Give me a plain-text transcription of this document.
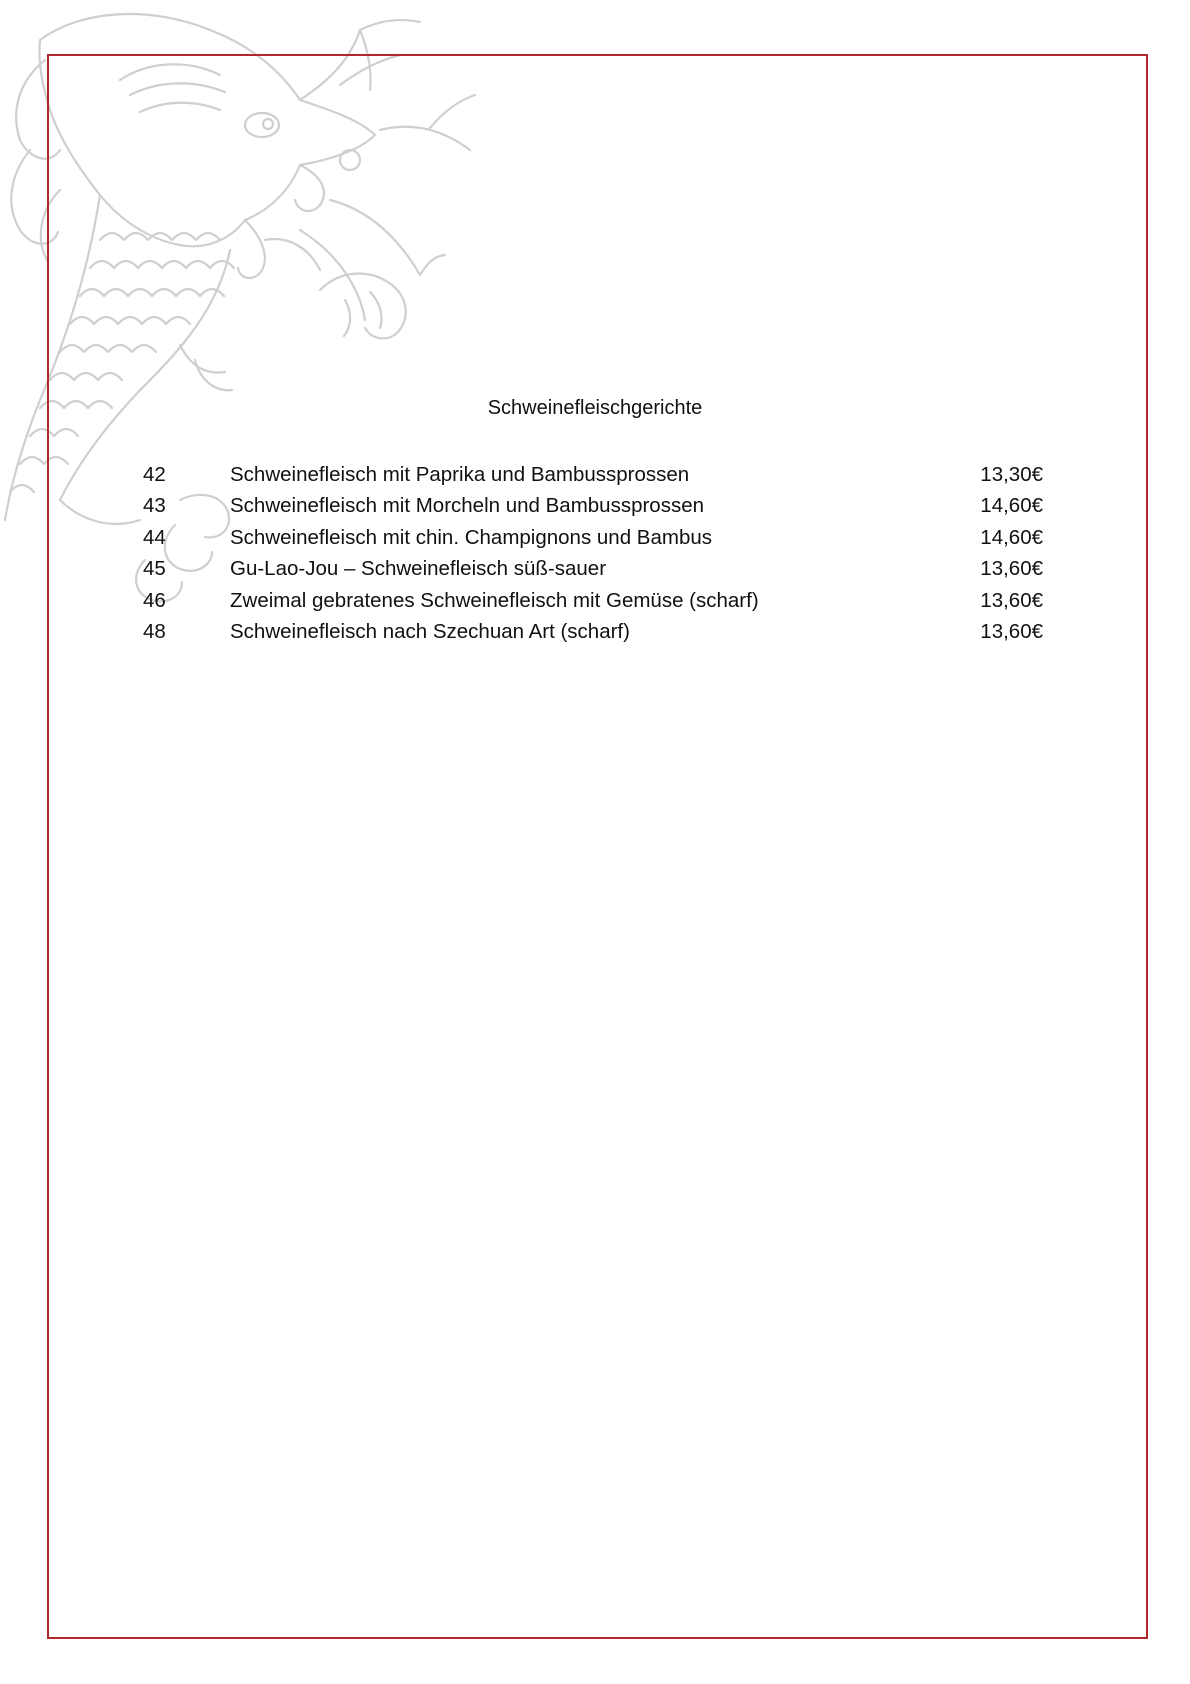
Schweinefleischgerichte
42	Schweinefleisch mit Paprika und Bambussprossen	13,30€
43	Schweinefleisch mit Morcheln und Bambussprossen	14,60€
44	Schweinefleisch mit chin. Champignons und Bambus	14,60€
45	Gu-Lao-Jou – Schweinefleisch süß-sauer	13,60€
46	Zweimal gebratenes Schweinefleisch mit Gemüse (scharf)	13,60€
48	Schweinefleisch nach Szechuan Art (scharf)	13,60€
